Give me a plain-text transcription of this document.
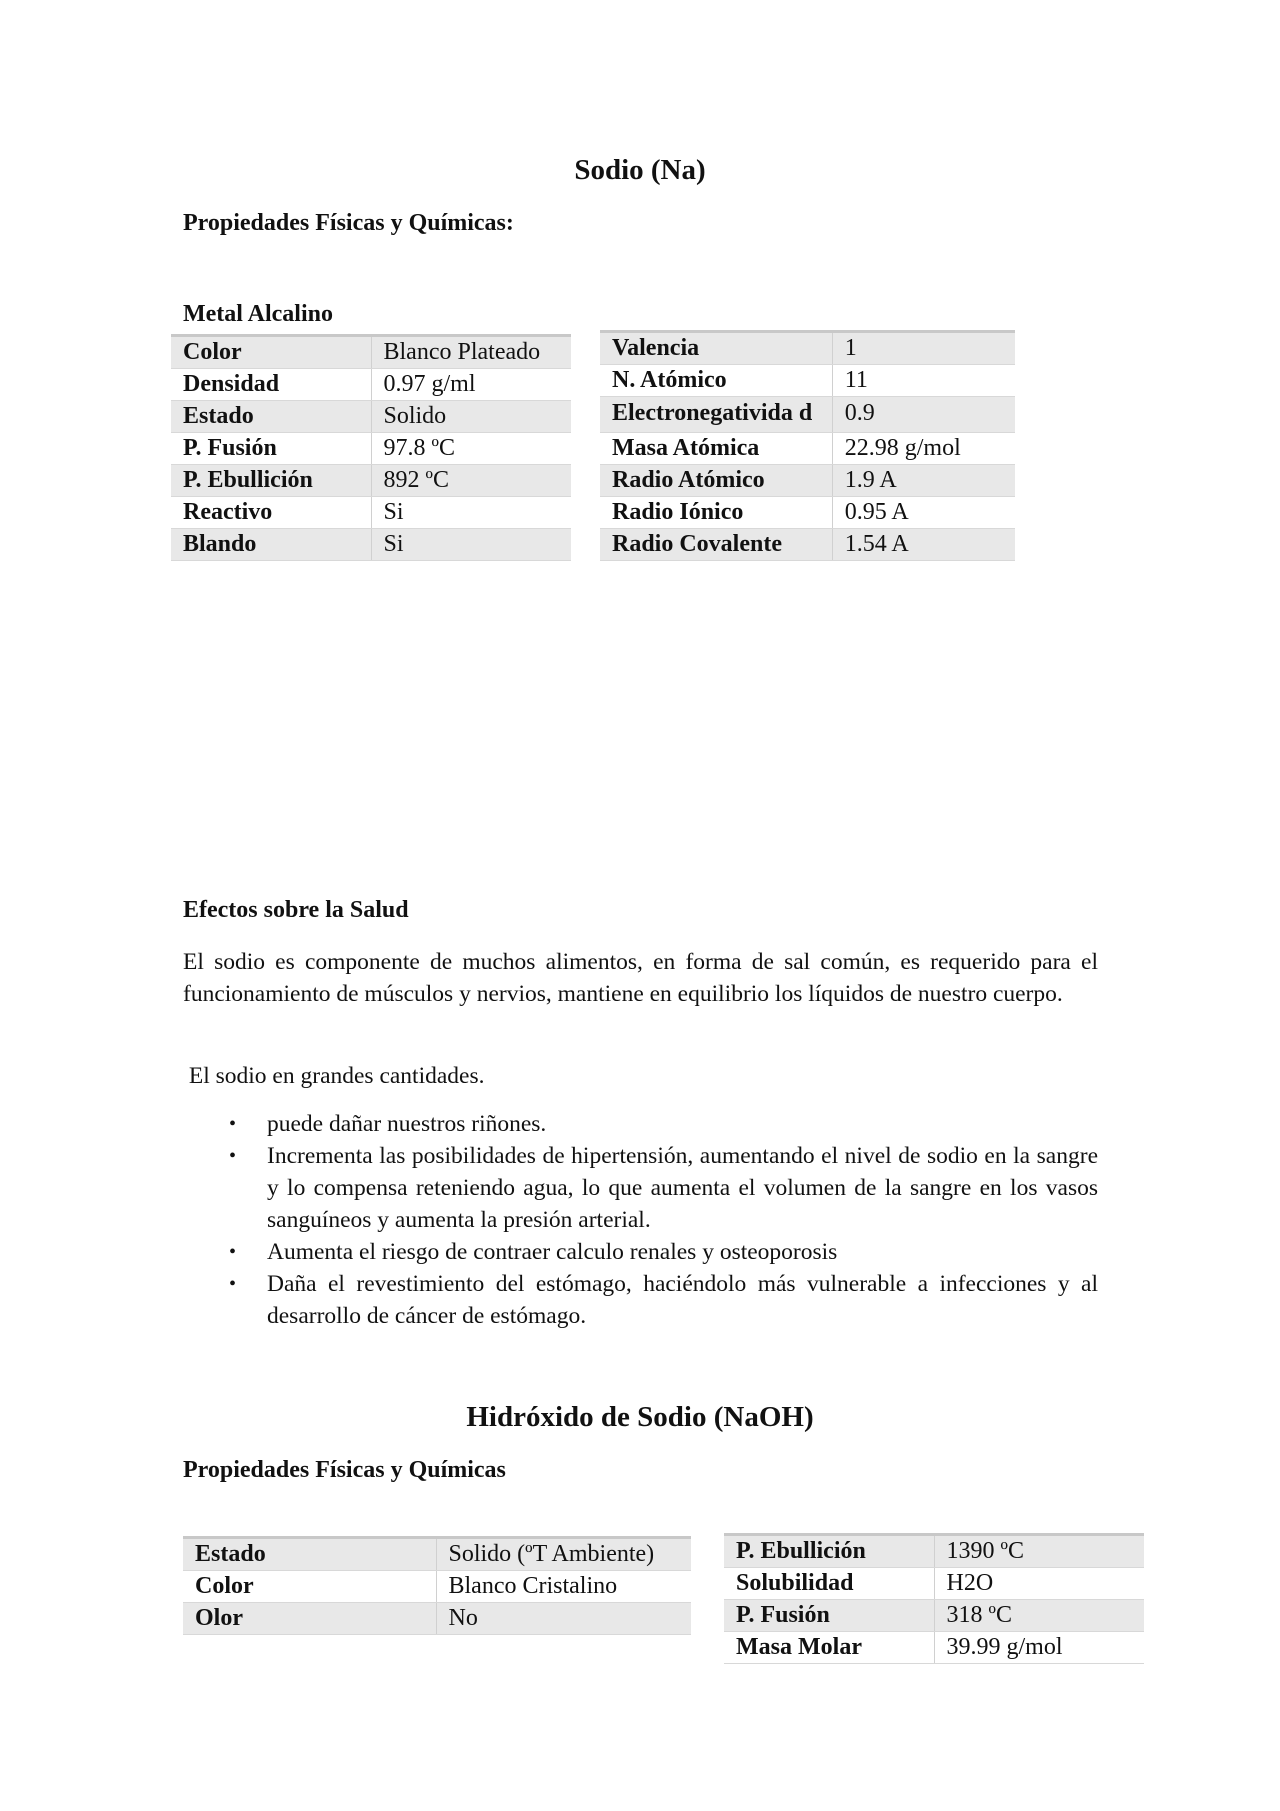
Sodio (Na)
Propiedades Físicas y Químicas:
Metal Alcalino
Color	Blanco Plateado
Densidad	0.97 g/ml
Estado	Solido
P. Fusión	97.8 ºC
P. Ebullición	892 ºC
Reactivo	Si
Blando	Si
Valencia	1
N. Atómico	11
Electronegativida d	0.9
Masa Atómica	22.98 g/mol
Radio Atómico	1.9 A
Radio Iónico	0.95 A
Radio Covalente	1.54 A
Efectos sobre la Salud
El sodio es componente de muchos alimentos, en forma de sal común, es requerido para el funcionamiento de músculos y nervios, mantiene en equilibrio los líquidos de nuestro cuerpo.
El sodio en grandes cantidades.
• puede dañar nuestros riñones.
• Incrementa las posibilidades de hipertensión, aumentando el nivel de sodio en la sangre y lo compensa reteniendo agua, lo que aumenta el volumen de la sangre en los vasos sanguíneos y aumenta la presión arterial.
• Aumenta el riesgo de contraer calculo renales y osteoporosis
• Daña el revestimiento del estómago, haciéndolo más vulnerable a infecciones y al desarrollo de cáncer de estómago.
Hidróxido de Sodio (NaOH)
Propiedades Físicas y Químicas
Estado	Solido (ºT Ambiente)
Color	Blanco Cristalino
Olor	No
P. Ebullición	1390 ºC
Solubilidad	H2O
P. Fusión	318 ºC
Masa Molar	39.99 g/mol
